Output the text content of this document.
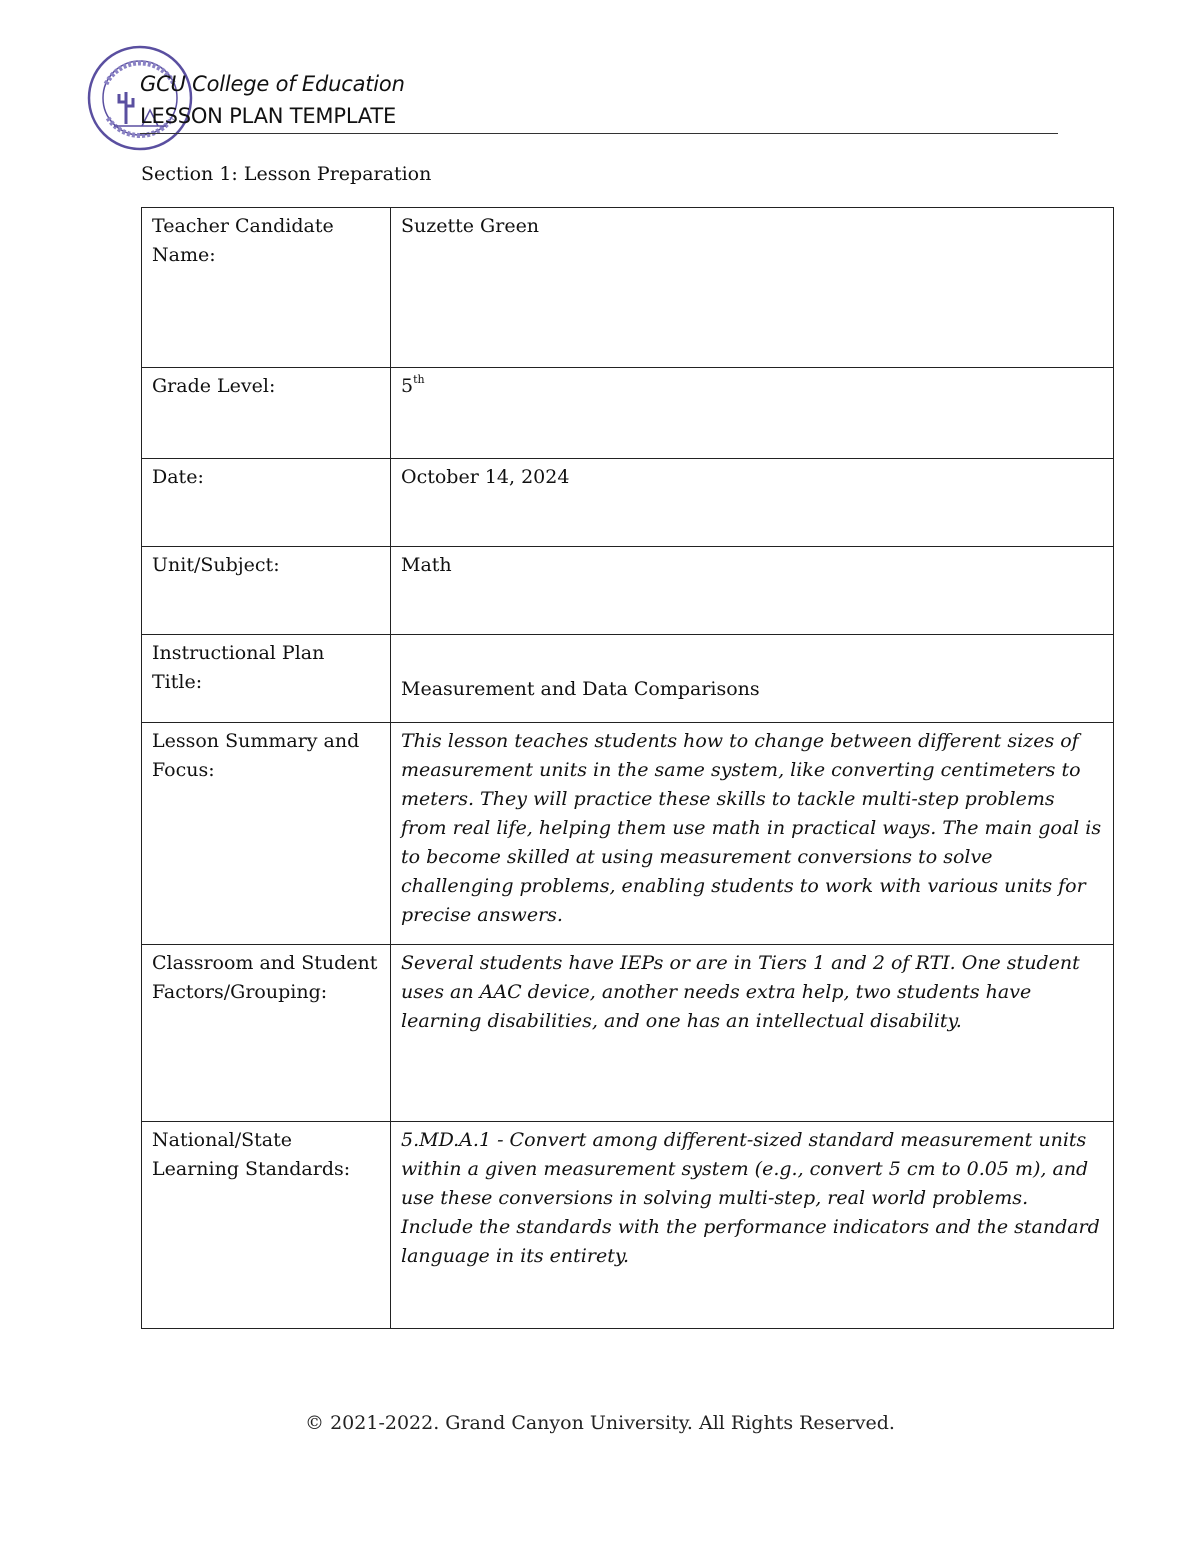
GCU College of Education
LESSON PLAN TEMPLATE
Section 1: Lesson Preparation
Teacher Candidate Name:	Suzette Green
Grade Level:	5th
Date:	October 14, 2024
Unit/Subject:	Math
Instructional Plan Title:	Measurement and Data Comparisons
Lesson Summary and Focus:	This lesson teaches students how to change between different sizes of measurement units in the same system, like converting centimeters to meters. They will practice these skills to tackle multi-step problems from real life, helping them use math in practical ways. The main goal is to become skilled at using measurement conversions to solve challenging problems, enabling students to work with various units for precise answers.
Classroom and Student Factors/Grouping:	Several students have IEPs or are in Tiers 1 and 2 of RTI. One student uses an AAC device, another needs extra help, two students have learning disabilities, and one has an intellectual disability.
National/State Learning Standards:	5.MD.A.1 - Convert among different-sized standard measurement units within a given measurement system (e.g., convert 5 cm to 0.05 m), and use these conversions in solving multi-step, real world problems. Include the standards with the performance indicators and the standard language in its entirety.
© 2021-2022. Grand Canyon University. All Rights Reserved.
